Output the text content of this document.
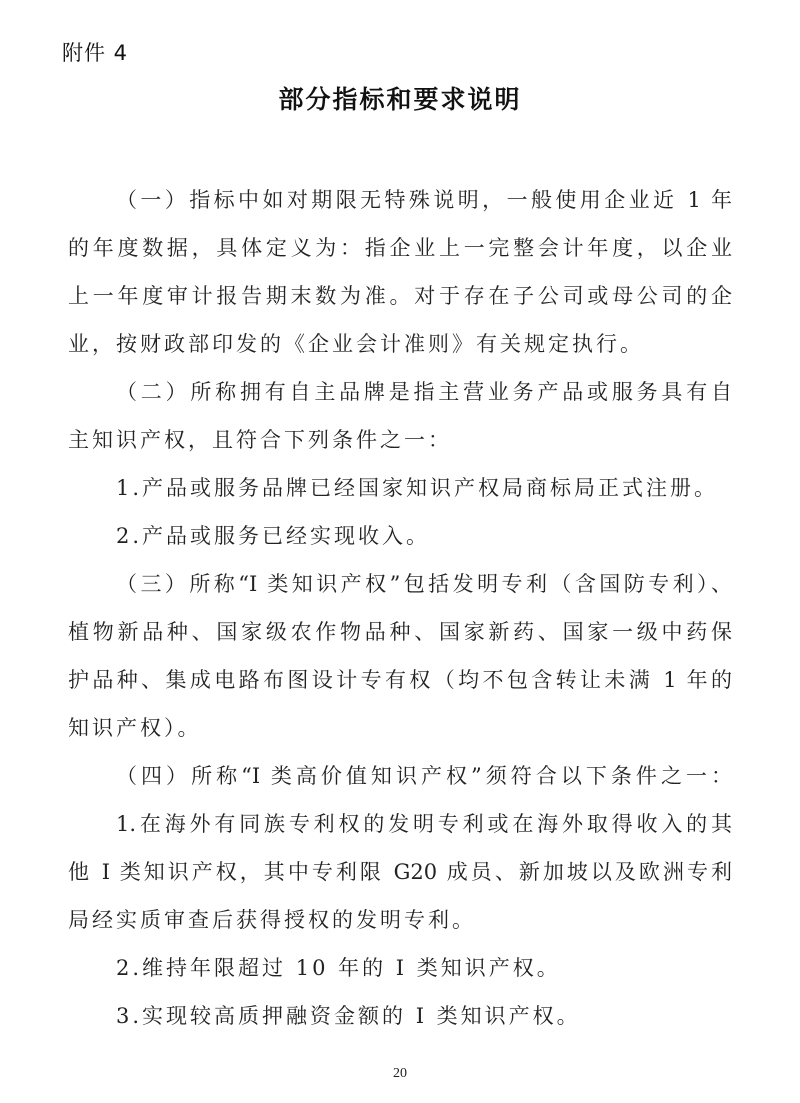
附件 4
部分指标和要求说明
（一）指标中如对期限无特殊说明，一般使用企业近 1 年
的年度数据，具体定义为：指企业上一完整会计年度，以企业
上一年度审计报告期末数为准。对于存在子公司或母公司的企
业，按财政部印发的《企业会计准则》有关规定执行。
（二）所称拥有自主品牌是指主营业务产品或服务具有自
主知识产权，且符合下列条件之一：
1.产品或服务品牌已经国家知识产权局商标局正式注册。
2.产品或服务已经实现收入。
（三）所称“I 类知识产权”包括发明专利（含国防专利）、
植物新品种、国家级农作物品种、国家新药、国家一级中药保
护品种、集成电路布图设计专有权（均不包含转让未满 1 年的
知识产权）。
（四）所称“I 类高价值知识产权”须符合以下条件之一：
1.在海外有同族专利权的发明专利或在海外取得收入的其
他 I 类知识产权，其中专利限 G20 成员、新加坡以及欧洲专利
局经实质审查后获得授权的发明专利。
2.维持年限超过 10 年的 I 类知识产权。
3.实现较高质押融资金额的 I 类知识产权。
20
